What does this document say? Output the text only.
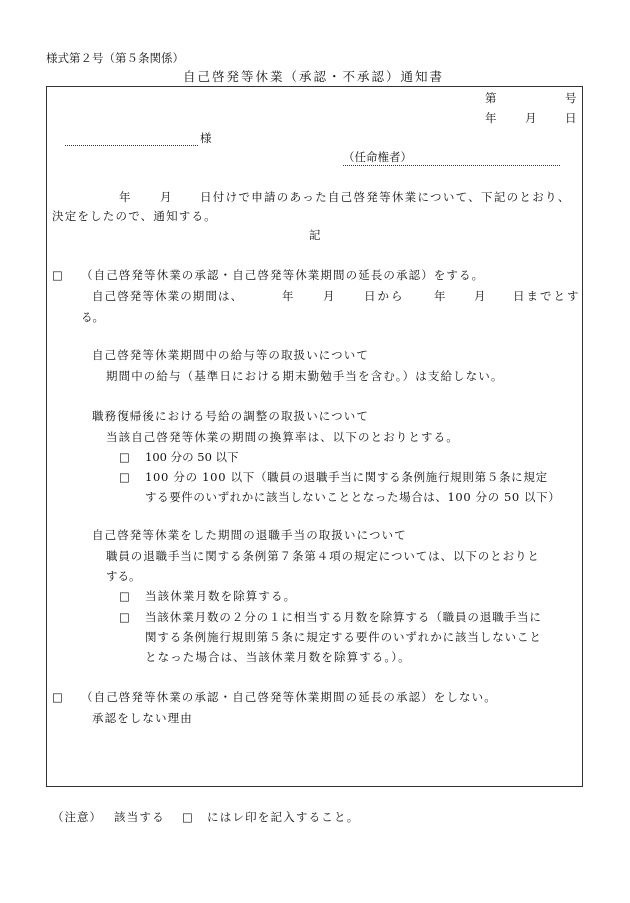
様式第２号（第５条関係）
自己啓発等休業（承認・不承認）通知書
第	号
年 月 日
様
（任命権者）
年	月 日付けで申請のあった自己啓発等休業について、下記のとおり、
決定をしたので、通知する。
記
□ （自己啓発等休業の承認・自己啓発等休業期間の延長の承認）をする。
自己啓発等休業の期間は、	年	月	日から	年 月 日までとす
る。
自己啓発等休業期間中の給与等の取扱いについて
期間中の給与（基準日における期末勤勉手当を含む。）は支給しない。
職務復帰後における号給の調整の取扱いについて
当該自己啓発等休業の期間の換算率は、以下のとおりとする。
□ 100 分の 50 以下
□ 100 分の 100 以下（職員の退職手当に関する条例施行規則第５条に規定
する要件のいずれかに該当しないこととなった場合は、100 分の 50 以下）
自己啓発等休業をした期間の退職手当の取扱いについて
職員の退職手当に関する条例第７条第４項の規定については、以下のとおりと
する。
□ 当該休業月数を除算する。
□ 当該休業月数の２分の１に相当する月数を除算する（職員の退職手当に
関する条例施行規則第５条に規定する要件のいずれかに該当しないこと
となった場合は、当該休業月数を除算する。）。
□ （自己啓発等休業の承認・自己啓発等休業期間の延長の承認）をしない。
承認をしない理由
（注意） 該当する □ にはレ印を記入すること。
